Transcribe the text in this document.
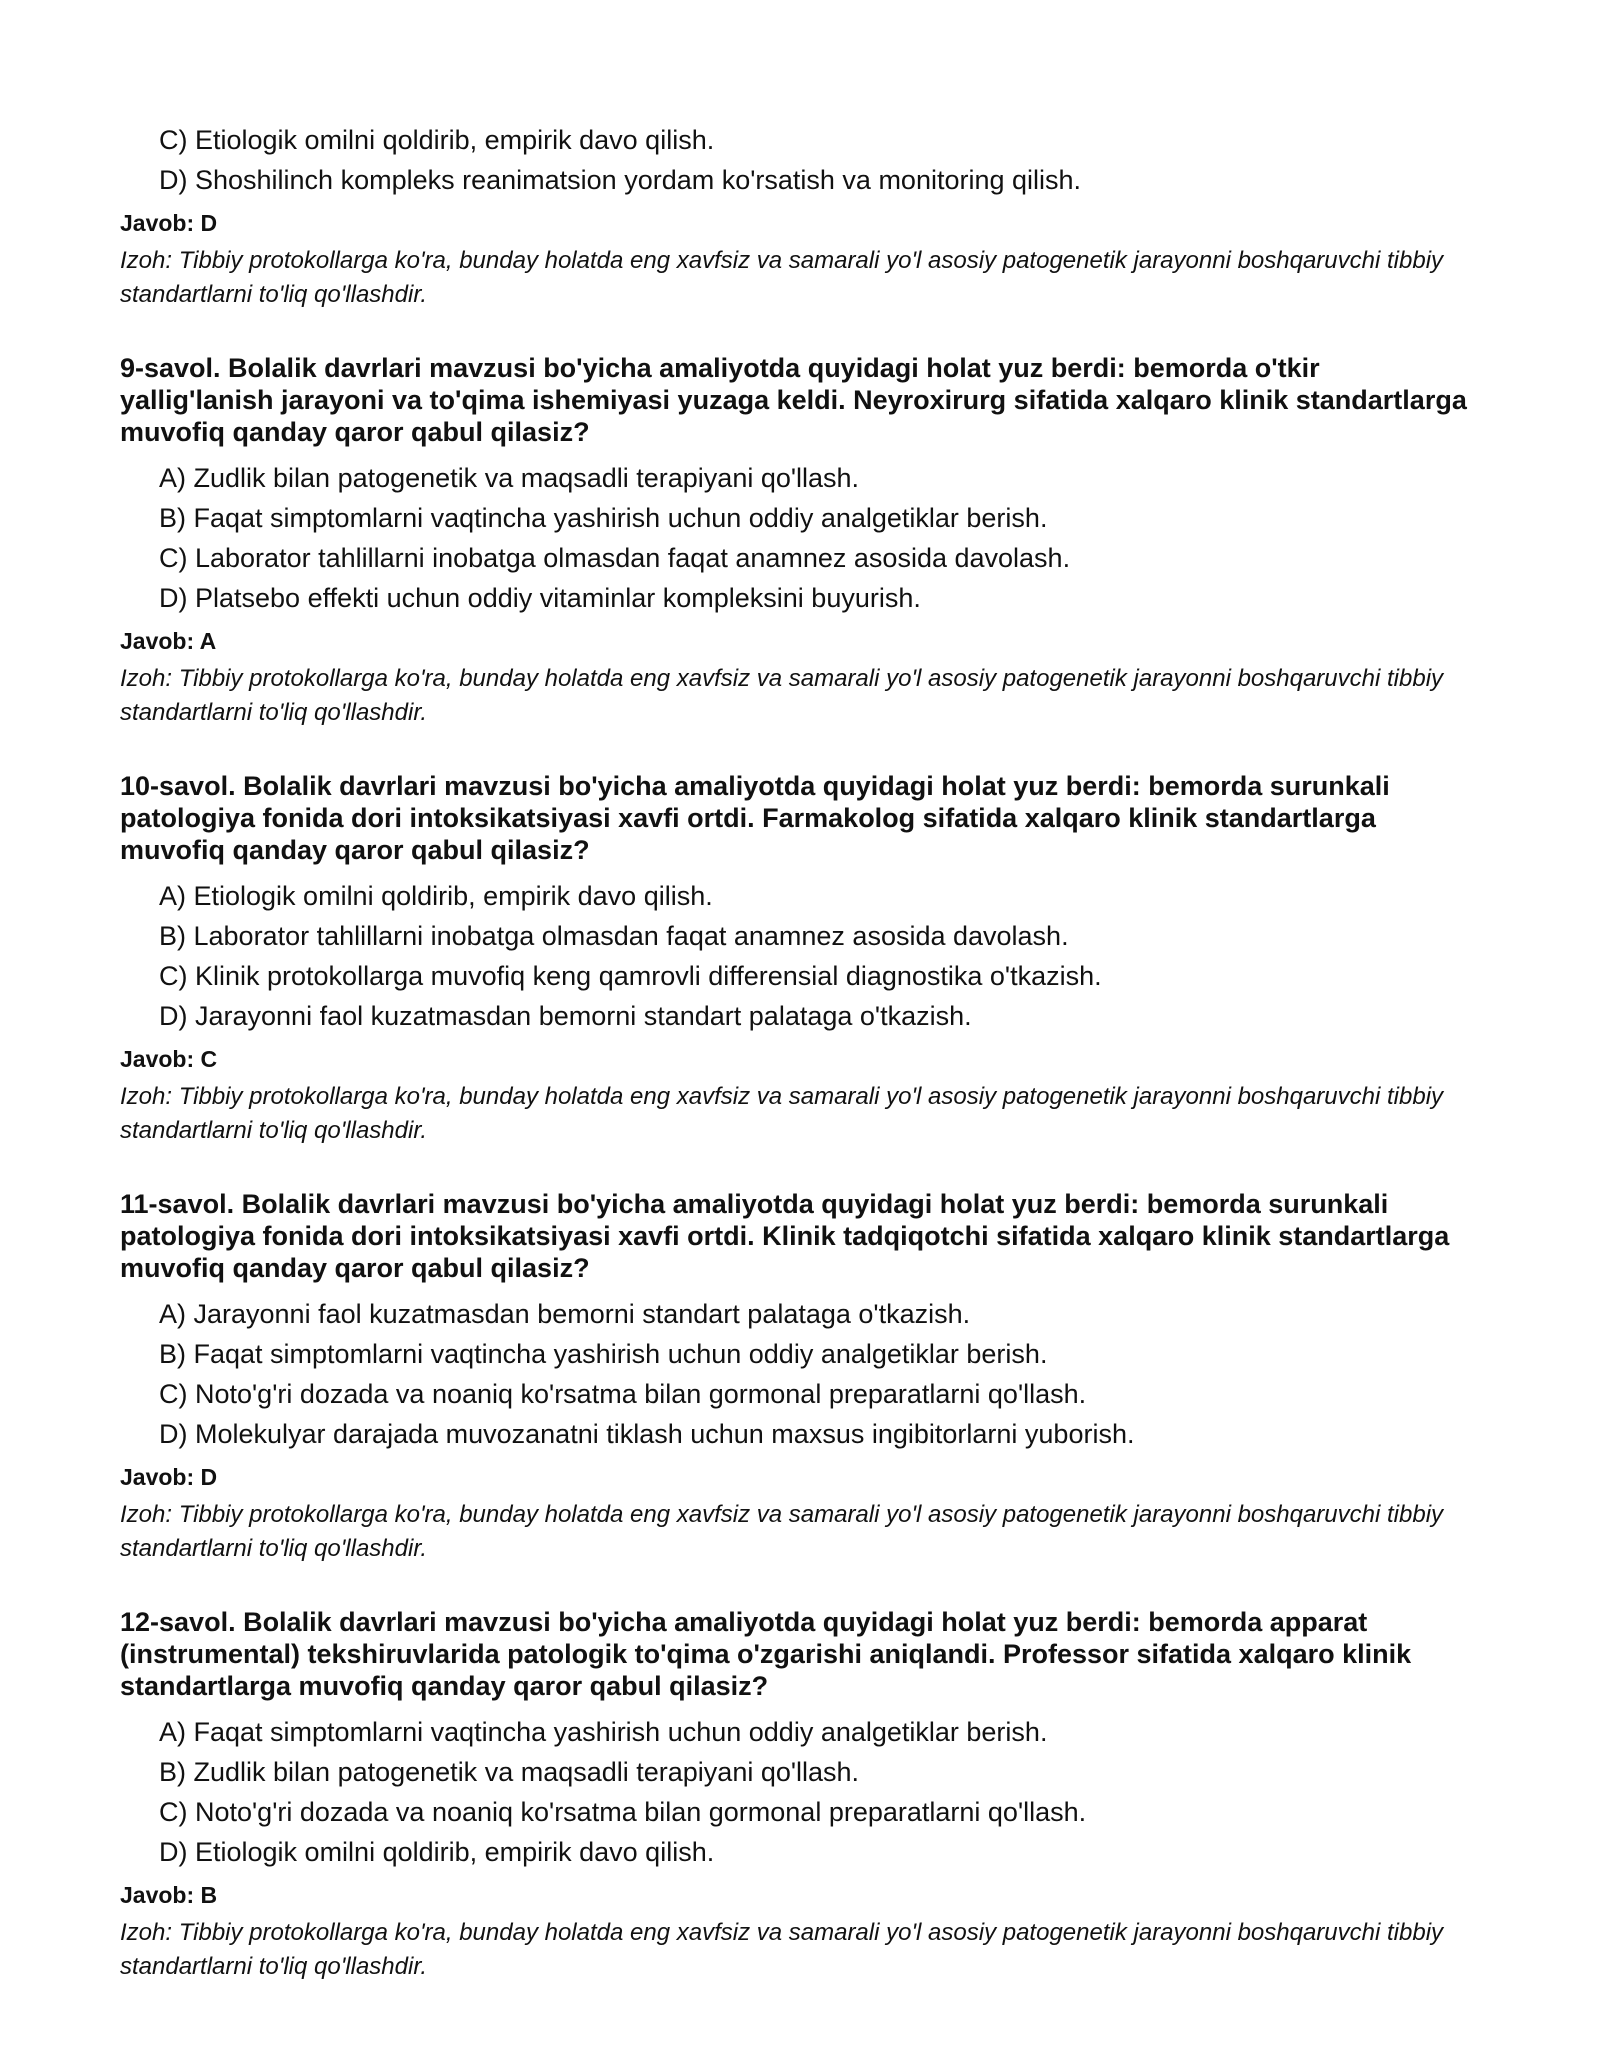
C) Etiologik omilni qoldirib, empirik davo qilish.
D) Shoshilinch kompleks reanimatsion yordam ko'rsatish va monitoring qilish.
Javob: D
Izoh: Tibbiy protokollarga ko'ra, bunday holatda eng xavfsiz va samarali yo'l asosiy patogenetik jarayonni boshqaruvchi tibbiy standartlarni to'liq qo'llashdir.
9-savol. Bolalik davrlari mavzusi bo'yicha amaliyotda quyidagi holat yuz berdi: bemorda o'tkir yallig'lanish jarayoni va to'qima ishemiyasi yuzaga keldi. Neyroxirurg sifatida xalqaro klinik standartlarga muvofiq qanday qaror qabul qilasiz?
A) Zudlik bilan patogenetik va maqsadli terapiyani qo'llash.
B) Faqat simptomlarni vaqtincha yashirish uchun oddiy analgetiklar berish.
C) Laborator tahlillarni inobatga olmasdan faqat anamnez asosida davolash.
D) Platsebo effekti uchun oddiy vitaminlar kompleksini buyurish.
Javob: A
Izoh: Tibbiy protokollarga ko'ra, bunday holatda eng xavfsiz va samarali yo'l asosiy patogenetik jarayonni boshqaruvchi tibbiy standartlarni to'liq qo'llashdir.
10-savol. Bolalik davrlari mavzusi bo'yicha amaliyotda quyidagi holat yuz berdi: bemorda surunkali patologiya fonida dori intoksikatsiyasi xavfi ortdi. Farmakolog sifatida xalqaro klinik standartlarga muvofiq qanday qaror qabul qilasiz?
A) Etiologik omilni qoldirib, empirik davo qilish.
B) Laborator tahlillarni inobatga olmasdan faqat anamnez asosida davolash.
C) Klinik protokollarga muvofiq keng qamrovli differensial diagnostika o'tkazish.
D) Jarayonni faol kuzatmasdan bemorni standart palataga o'tkazish.
Javob: C
Izoh: Tibbiy protokollarga ko'ra, bunday holatda eng xavfsiz va samarali yo'l asosiy patogenetik jarayonni boshqaruvchi tibbiy standartlarni to'liq qo'llashdir.
11-savol. Bolalik davrlari mavzusi bo'yicha amaliyotda quyidagi holat yuz berdi: bemorda surunkali patologiya fonida dori intoksikatsiyasi xavfi ortdi. Klinik tadqiqotchi sifatida xalqaro klinik standartlarga muvofiq qanday qaror qabul qilasiz?
A) Jarayonni faol kuzatmasdan bemorni standart palataga o'tkazish.
B) Faqat simptomlarni vaqtincha yashirish uchun oddiy analgetiklar berish.
C) Noto'g'ri dozada va noaniq ko'rsatma bilan gormonal preparatlarni qo'llash.
D) Molekulyar darajada muvozanatni tiklash uchun maxsus ingibitorlarni yuborish.
Javob: D
Izoh: Tibbiy protokollarga ko'ra, bunday holatda eng xavfsiz va samarali yo'l asosiy patogenetik jarayonni boshqaruvchi tibbiy standartlarni to'liq qo'llashdir.
12-savol. Bolalik davrlari mavzusi bo'yicha amaliyotda quyidagi holat yuz berdi: bemorda apparat (instrumental) tekshiruvlarida patologik to'qima o'zgarishi aniqlandi. Professor sifatida xalqaro klinik standartlarga muvofiq qanday qaror qabul qilasiz?
A) Faqat simptomlarni vaqtincha yashirish uchun oddiy analgetiklar berish.
B) Zudlik bilan patogenetik va maqsadli terapiyani qo'llash.
C) Noto'g'ri dozada va noaniq ko'rsatma bilan gormonal preparatlarni qo'llash.
D) Etiologik omilni qoldirib, empirik davo qilish.
Javob: B
Izoh: Tibbiy protokollarga ko'ra, bunday holatda eng xavfsiz va samarali yo'l asosiy patogenetik jarayonni boshqaruvchi tibbiy standartlarni to'liq qo'llashdir.
